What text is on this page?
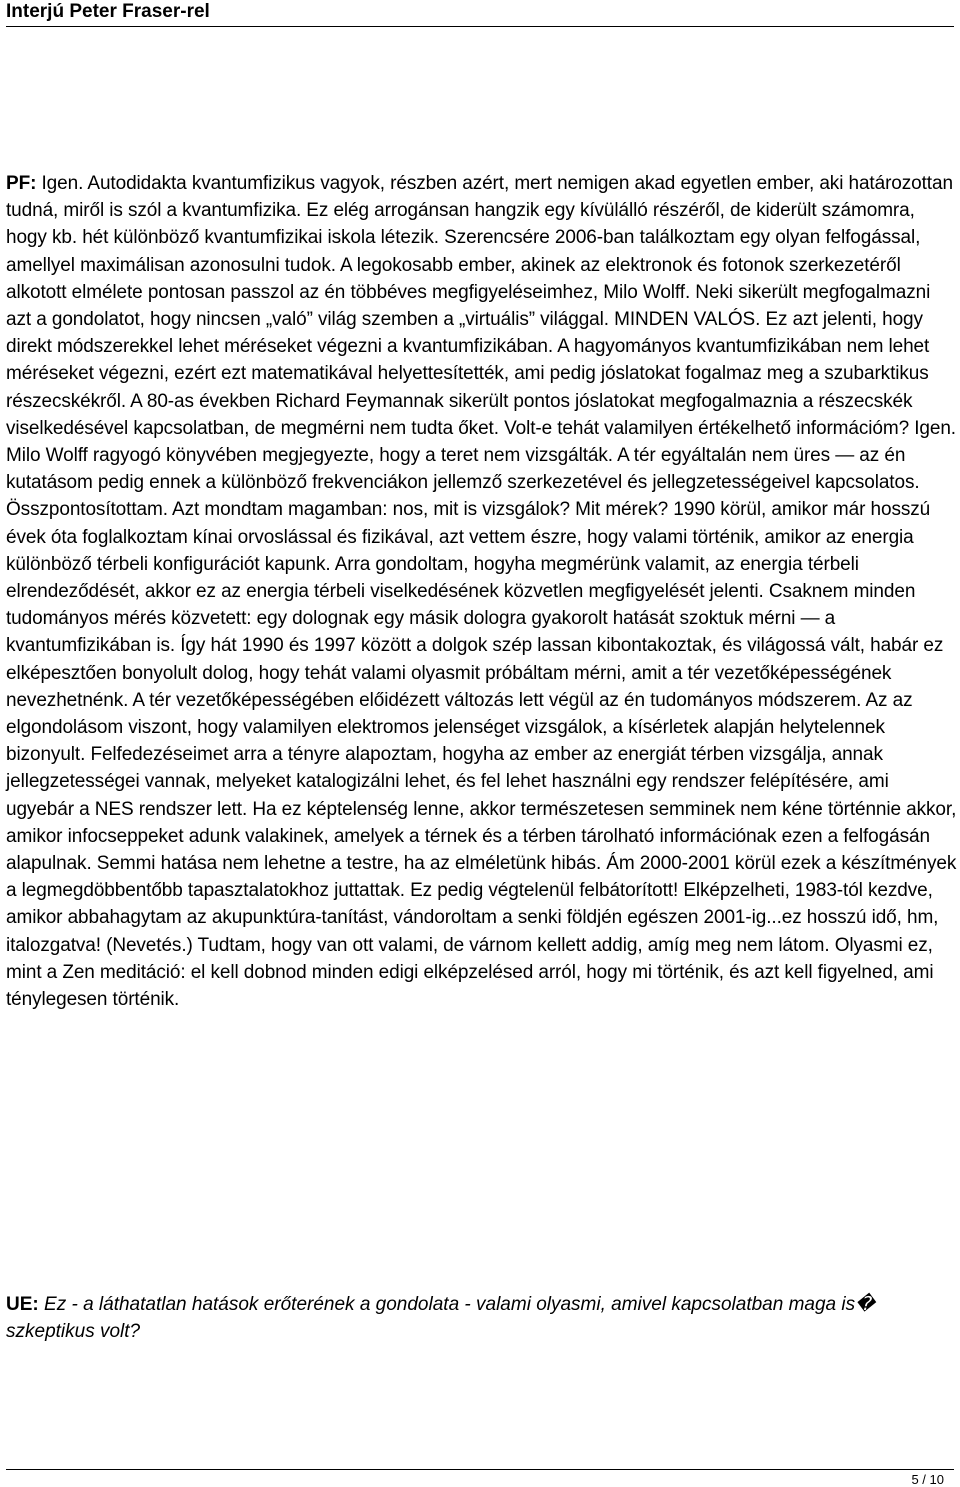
Interjú Peter Fraser-rel
PF: Igen. Autodidakta kvantumfizikus vagyok, részben azért, mert nemigen akad egyetlen ember, aki határozottan tudná, miről is szól a kvantumfizika. Ez elég arrogánsan hangzik egy kívülálló részéről, de kiderült számomra, hogy kb. hét különböző kvantumfizikai iskola létezik. Szerencsére 2006-ban találkoztam egy olyan felfogással, amellyel maximálisan azonosulni tudok. A legokosabb ember, akinek az elektronok és fotonok szerkezetéről alkotott elmélete pontosan passzol az én többéves megfigyeléseimhez, Milo Wolff. Neki sikerült megfogalmazni azt a gondolatot, hogy nincsen „való” világ szemben a „virtuális” világgal. MINDEN VALÓS. Ez azt jelenti, hogy direkt módszerekkel lehet méréseket végezni a kvantumfizikában. A hagyományos kvantumfizikában nem lehet méréseket végezni, ezért ezt matematikával helyettesítették, ami pedig jóslatokat fogalmaz meg a szubarktikus részecskékről. A 80-as években Richard Feymannak sikerült pontos jóslatokat megfogalmaznia a részecskék viselkedésével kapcsolatban, de megmérni nem tudta őket. Volt-e tehát valamilyen értékelhető információm? Igen. Milo Wolff ragyogó könyvében megjegyezte, hogy a teret nem vizsgálták. A tér egyáltalán nem üres — az én kutatásom pedig ennek a különböző frekvenciákon jellemző szerkezetével és jellegzetességeivel kapcsolatos. Összpontosítottam. Azt mondtam magamban: nos, mit is vizsgálok? Mit mérek? 1990 körül, amikor már hosszú évek óta foglalkoztam kínai orvoslással és fizikával, azt vettem észre, hogy valami történik, amikor az energia különböző térbeli konfigurációt kapunk. Arra gondoltam, hogyha megmérünk valamit, az energia térbeli elrendeződését, akkor ez az energia térbeli viselkedésének közvetlen megfigyelését jelenti. Csaknem minden tudományos mérés közvetett: egy dolognak egy másik dologra gyakorolt hatását szoktuk mérni — a kvantumfizikában is. Így hát 1990 és 1997 között a dolgok szép lassan kibontakoztak, és világossá vált, habár ez elképesztően bonyolult dolog, hogy tehát valami olyasmit próbáltam mérni, amit a tér vezetőképességének nevezhetnénk. A tér vezetőképességében előidézett változás lett végül az én tudományos módszerem. Az az elgondolásom viszont, hogy valamilyen elektromos jelenséget vizsgálok, a kísérletek alapján helytelennek bizonyult. Felfedezéseimet arra a tényre alapoztam, hogyha az ember az energiát térben vizsgálja, annak jellegzetességei vannak, melyeket katalogizálni lehet, és fel lehet használni egy rendszer felépítésére, ami ugyebár a NES rendszer lett. Ha ez képtelenség lenne, akkor természetesen semminek nem kéne történnie akkor, amikor infocseppeket adunk valakinek, amelyek a térnek és a térben tárolható információnak ezen a felfogásán alapulnak. Semmi hatása nem lehetne a testre, ha az elméletünk hibás. Ám 2000-2001 körül ezek a készítmények a legmegdöbbentőbb tapasztalatokhoz juttattak. Ez pedig végtelenül felbátorított! Elképzelheti, 1983-tól kezdve, amikor abbahagytam az akupunktúra-tanítást, vándoroltam a senki földjén egészen 2001-ig...ez hosszú idő, hm, italozgatva! (Nevetés.) Tudtam, hogy van ott valami, de várnom kellett addig, amíg meg nem látom. Olyasmi ez, mint a Zen meditáció: el kell dobnod minden edigi elképzelésed arról, hogy mi történik, és azt kell figyelned, ami ténylegesen történik.
UE: Ez - a láthatatlan hatások erőterének a gondolata - valami olyasmi, amivel kapcsolatban maga is� szkeptikus volt?
5 / 10
